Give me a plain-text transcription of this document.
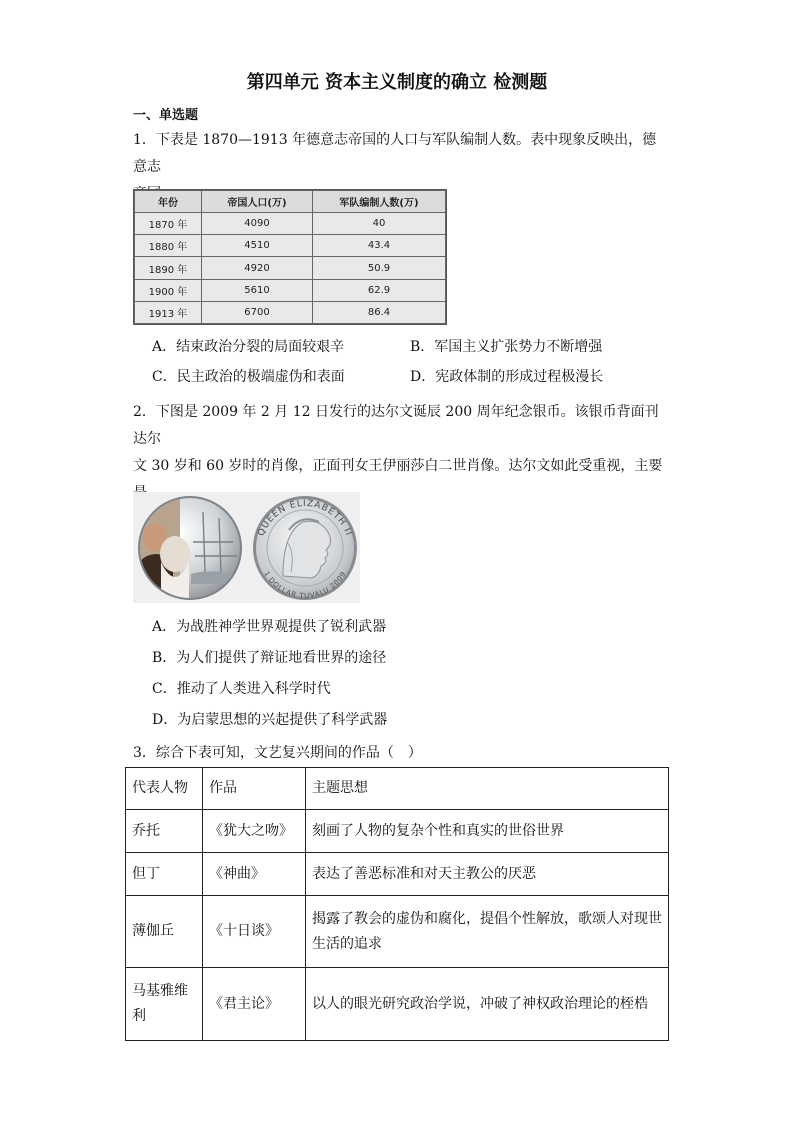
第四单元 资本主义制度的确立 检测题
一、单选题
1．下表是 1870—1913 年德意志帝国的人口与军队编制人数。表中现象反映出，德意志
年份	帝国人口(万)	军队编制人数(万)
1870 年	4090	40
1880 年	4510	43.4
1890 年	4920	50.9
1900 年	5610	62.9
1913 年	6700	86.4
A．结束政治分裂的局面较艰辛	B．军国主义扩张势力不断增强
C．民主政治的极端虚伪和表面	D．宪政体制的形成过程极漫长
2．下图是 2009 年 2 月 12 日发行的达尔文诞辰 200 周年纪念银币。该银币背面刊达尔
文 30 岁和 60 岁时的肖像，正面刊女王伊丽莎白二世肖像。达尔文如此受重视，主要
QUEEN ELIZABETH II
1 DOLLAR TUVALU 2009
A．为战胜神学世界观提供了锐利武器
B．为人们提供了辩证地看世界的途径
C．推动了人类进入科学时代
D．为启蒙思想的兴起提供了科学武器
3．综合下表可知，文艺复兴期间的作品（　）
代表人物	作品	主题思想
乔托	《犹大之吻》	刻画了人物的复杂个性和真实的世俗世界
但丁	《神曲》	表达了善恶标准和对天主教公的厌恶
薄伽丘	《十日谈》	揭露了教会的虚伪和腐化，提倡个性解放，歌颂人对现世生活的追求
马基雅维利	《君主论》	以人的眼光研究政治学说，冲破了神权政治理论的桎梏
